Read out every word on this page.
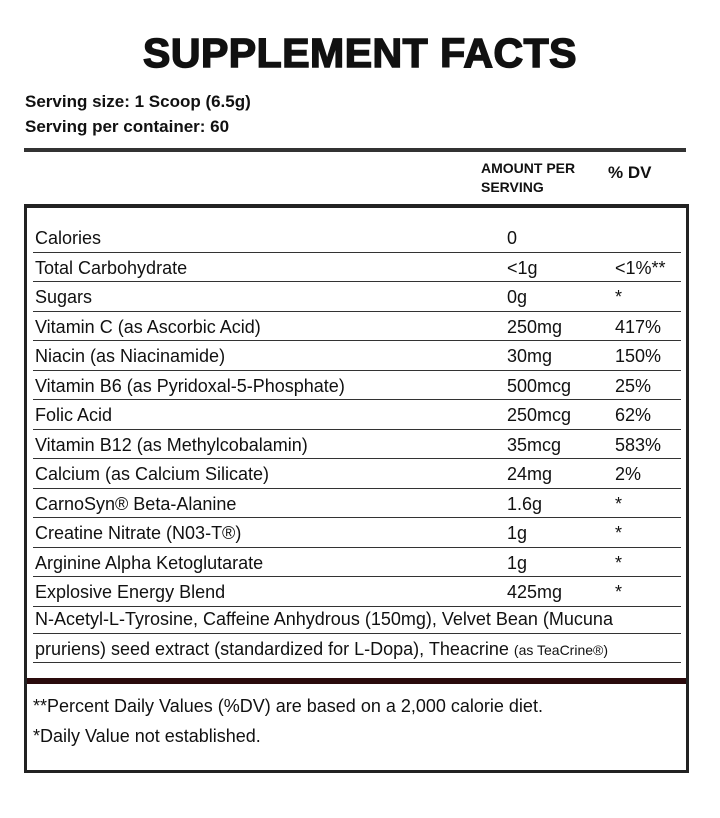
SUPPLEMENT FACTS
Serving size: 1 Scoop (6.5g)
Serving per container: 60
AMOUNT PER
SERVING
% DV
Calories	0
Total Carbohydrate	<1g	<1%**
Sugars	0g	*
Vitamin C (as Ascorbic Acid)	250mg	417%
Niacin (as Niacinamide)	30mg	150%
Vitamin B6 (as Pyridoxal-5-Phosphate)	500mcg 25%
Folic Acid	250mcg 62%
Vitamin B12 (as Methylcobalamin)	35mcg	583%
Calcium (as Calcium Silicate)	24mg	2%
CarnoSyn® Beta-Alanine	1.6g	*
Creatine Nitrate (N03-T®)	1g	*
Arginine Alpha Ketoglutarate	1g	*
Explosive Energy Blend	425mg	*
N-Acetyl-L-Tyrosine, Caffeine Anhydrous (150mg), Velvet Bean (Mucuna
pruriens) seed extract (standardized for L-Dopa), Theacrine (as TeaCrine®)
**Percent Daily Values (%DV) are based on a 2,000 calorie diet.
*Daily Value not established.
